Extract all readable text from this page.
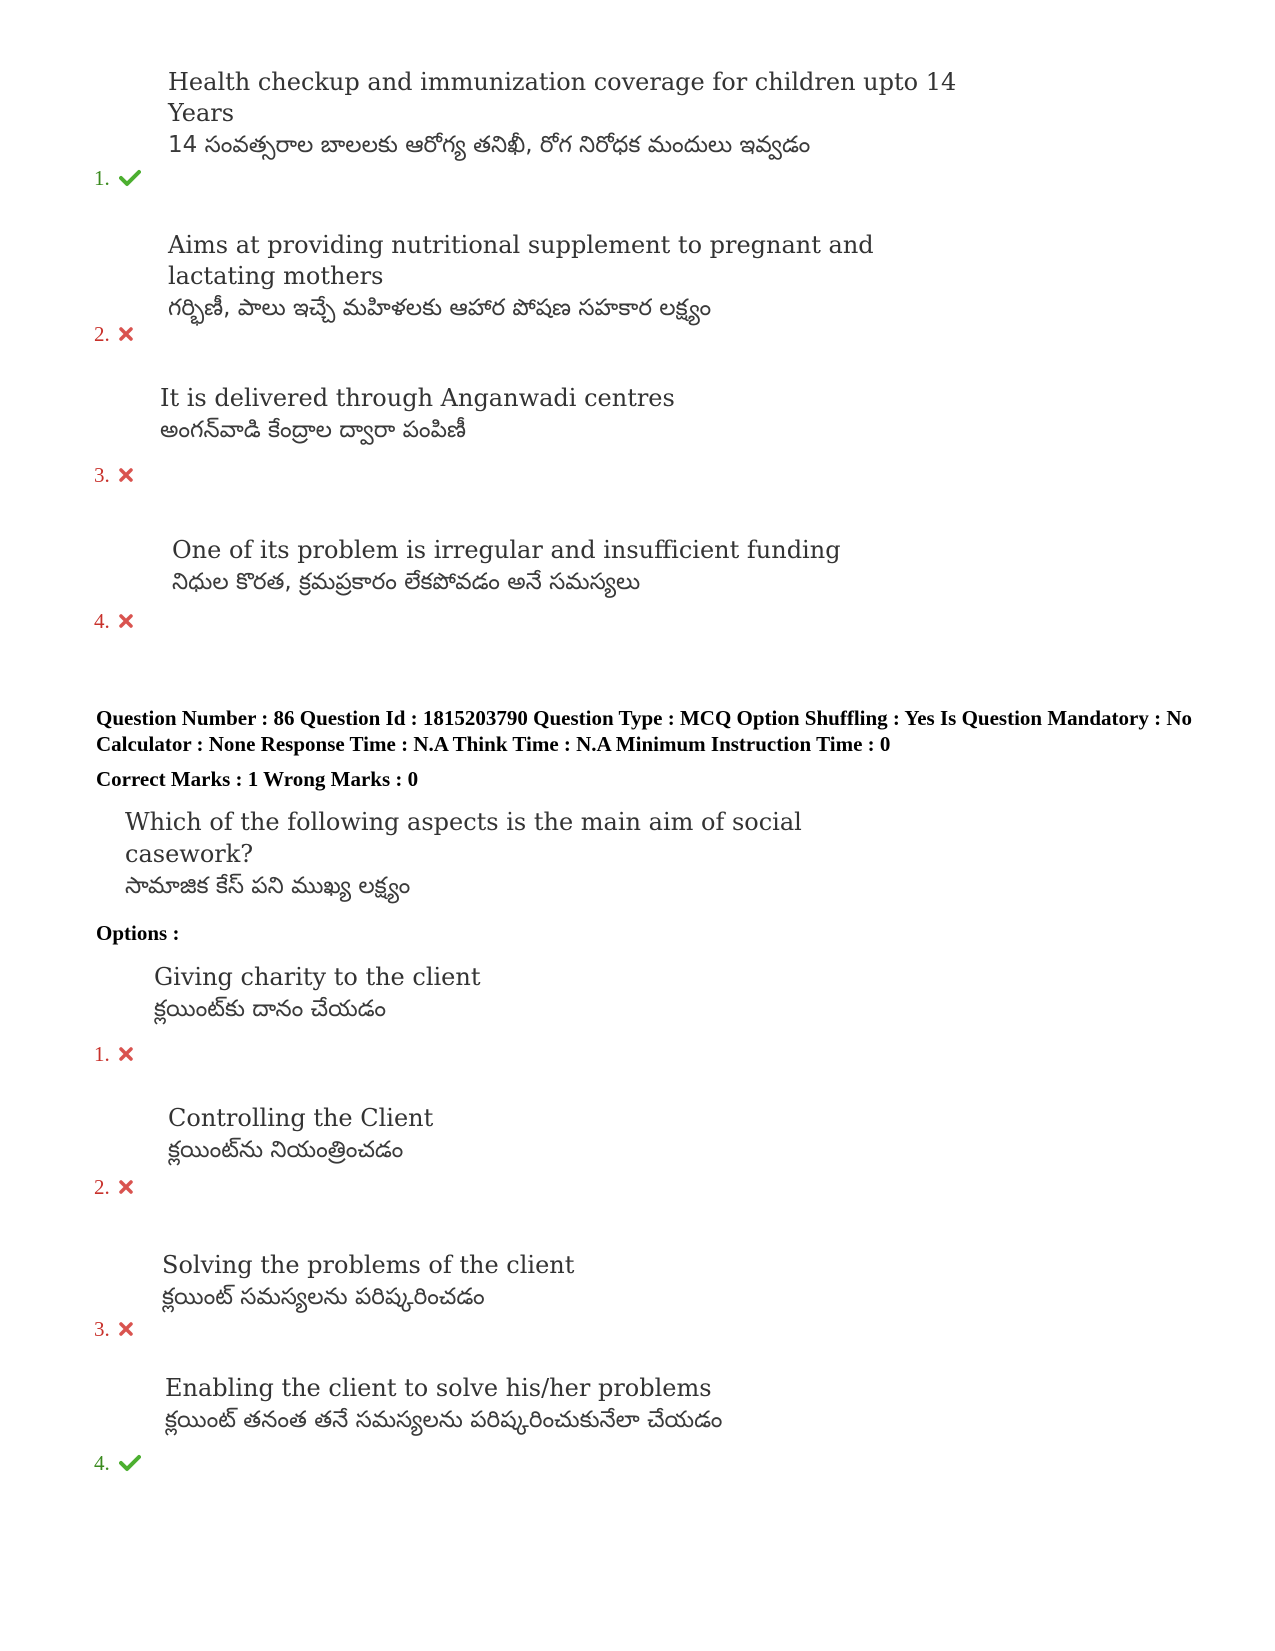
Health checkup and immunization coverage for children upto 14
Years
14 సంవత్సరాల బాలలకు ఆరోగ్య తనిఖీ, రోగ నిరోధక మందులు ఇవ్వడం
1.
Aims at providing nutritional supplement to pregnant and
lactating mothers
గర్భిణీ, పాలు ఇచ్చే మహిళలకు ఆహార పోషణ సహకార లక్ష్యం
2.
It is delivered through Anganwadi centres
అంగన్‌వాడి కేంద్రాల ద్వారా పంపిణీ
3.
One of its problem is irregular and insufficient funding
నిధుల కొరత, క్రమప్రకారం లేకపోవడం అనే సమస్యలు
4.
Question Number : 86 Question Id : 1815203790 Question Type : MCQ Option Shuffling : Yes Is Question Mandatory : No Calculator : None Response Time : N.A Think Time : N.A Minimum Instruction Time : 0
Correct Marks : 1 Wrong Marks : 0
Which of the following aspects is the main aim of social
casework?
సామాజిక కేస్ పని ముఖ్య లక్ష్యం
Options :
Giving charity to the client
క్లయింట్‌కు దానం చేయడం
1.
Controlling the Client
క్లయింట్‌ను నియంత్రించడం
2.
Solving the problems of the client
క్లయింట్ సమస్యలను పరిష్కరించడం
3.
Enabling the client to solve his/her problems
క్లయింట్ తనంత తనే సమస్యలను పరిష్కరించుకునేలా చేయడం
4.
